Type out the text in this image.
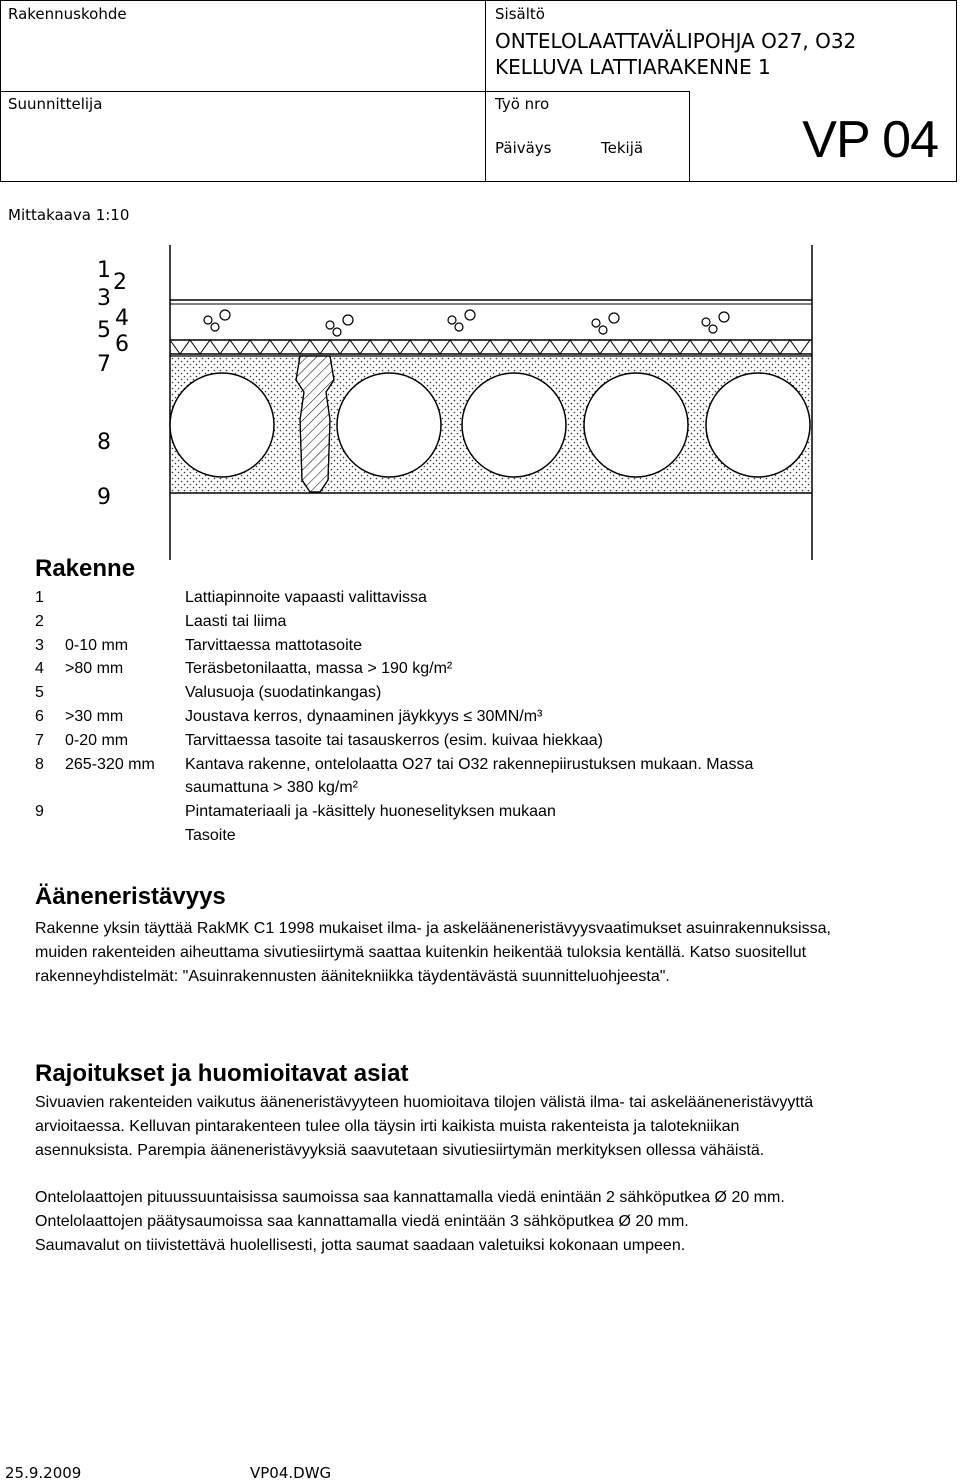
Rakennuskohde	Sisältö
ONTELOLAATTAVÄLIPOHJA O27, O32
KELLUVA LATTIARAKENNE 1
Suunnittelija	Työ nro
Päiväys	Tekijä	VP 04
Mittakaava 1:10
1 2
3
4
5
6
7
8
9
Rakenne
1	Lattiapinnoite vapaasti valittavissa
2	Laasti tai liima
3 0-10 mm	Tarvittaessa mattotasoite
4 >80 mm	Teräsbetonilaatta, massa > 190 kg/m²
5	Valusuoja (suodatinkangas)
6 >30 mm	Joustava kerros, dynaaminen jäykkyys ≤ 30MN/m³
7 0-20 mm	Tarvittaessa tasoite tai tasauskerros (esim. kuivaa hiekkaa)
8 265-320 mm Kantava rakenne, ontelolaatta O27 tai O32 rakennepiirustuksen mukaan. Massa
saumattuna > 380 kg/m²
9	Pintamateriaali ja -käsittely huoneselityksen mukaan
Tasoite
Ääneneristävyys
Rakenne yksin täyttää RakMK C1 1998 mukaiset ilma- ja askelääneneristävyysvaatimukset asuinrakennuksissa,
muiden rakenteiden aiheuttama sivutiesiirtymä saattaa kuitenkin heikentää tuloksia kentällä. Katso suositellut
rakenneyhdistelmät: "Asuinrakennusten äänitekniikka täydentävästä suunnitteluohjeesta".
Rajoitukset ja huomioitavat asiat
Sivuavien rakenteiden vaikutus ääneneristävyyteen huomioitava tilojen välistä ilma- tai askelääneneristävyyttä
arvioitaessa. Kelluvan pintarakenteen tulee olla täysin irti kaikista muista rakenteista ja talotekniikan
asennuksista. Parempia ääneneristävyyksiä saavutetaan sivutiesiirtymän merkityksen ollessa vähäistä.
Ontelolaattojen pituussuuntaisissa saumoissa saa kannattamalla viedä enintään 2 sähköputkea Ø 20 mm.
Ontelolaattojen päätysaumoissa saa kannattamalla viedä enintään 3 sähköputkea Ø 20 mm.
Saumavalut on tiivistettävä huolellisesti, jotta saumat saadaan valetuiksi kokonaan umpeen.
25.9.2009	VP04.DWG
